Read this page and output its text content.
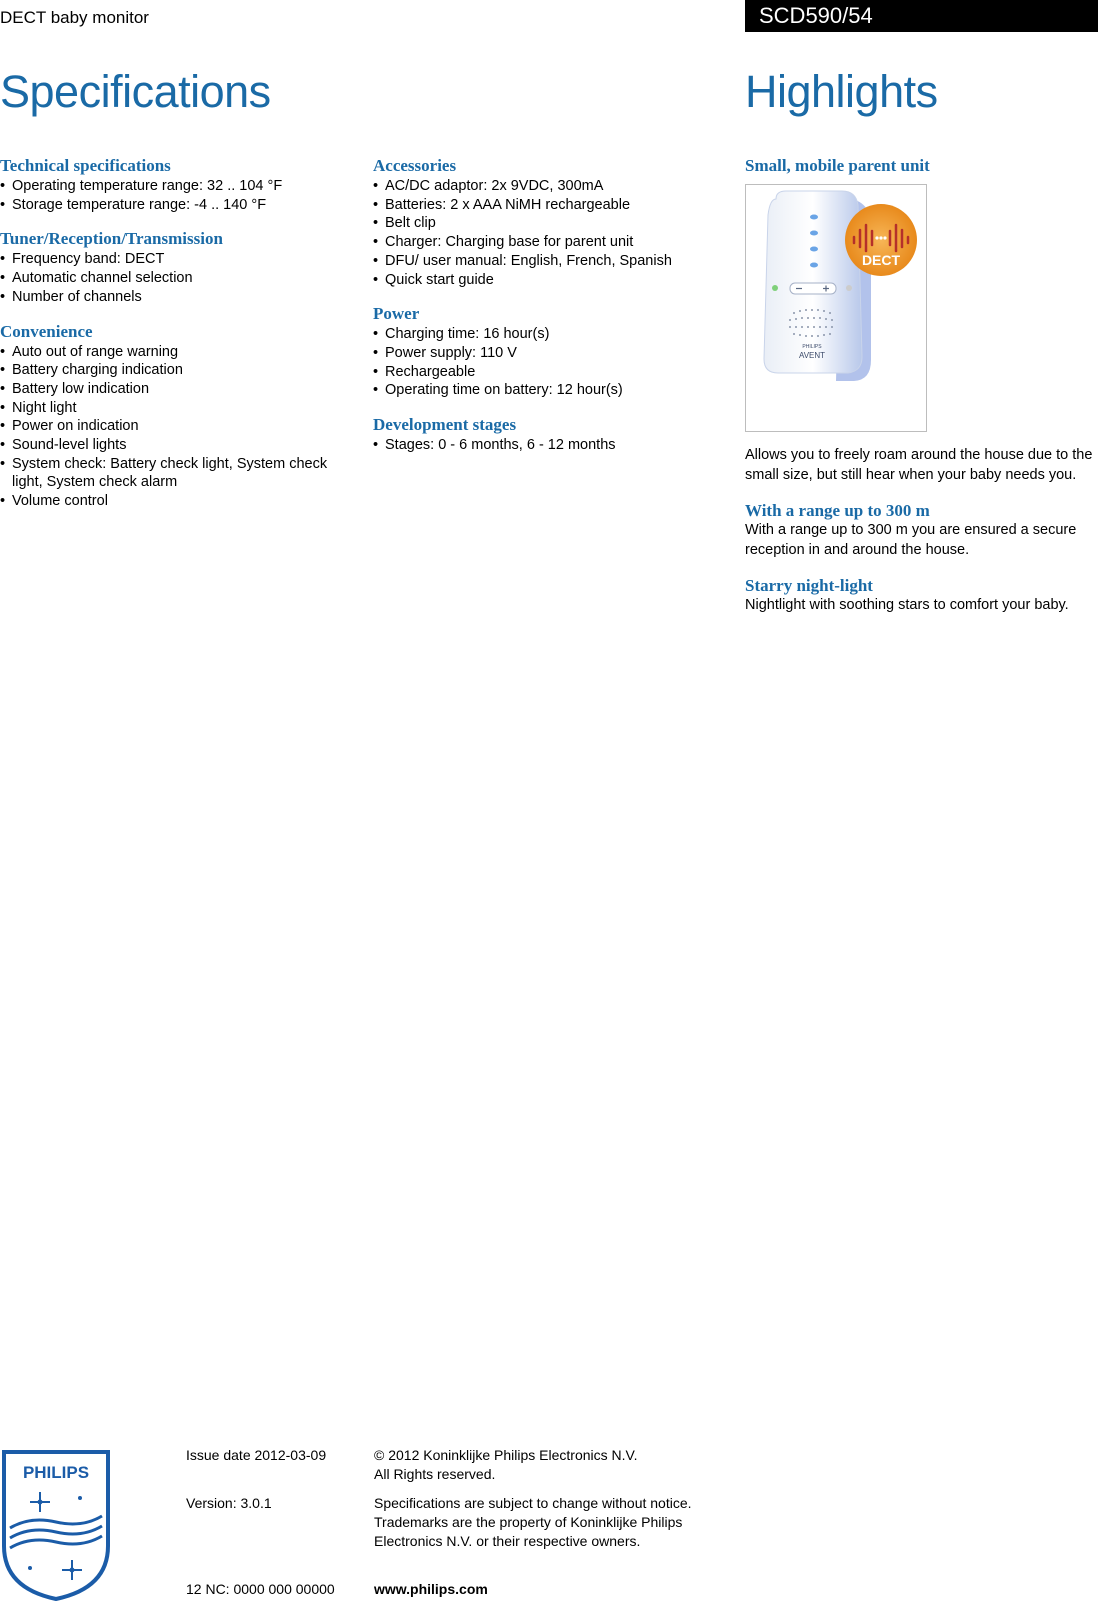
DECT baby monitor	SCD590/54
Specifications	Highlights
Technical specifications
• Operating temperature range: 32 .. 104 °F
• Storage temperature range: -4 .. 140 °F
Tuner/Reception/Transmission
• Frequency band: DECT
• Automatic channel selection
• Number of channels
Convenience
• Auto out of range warning
• Battery charging indication
• Battery low indication
• Night light
• Power on indication
• Sound-level lights
• System check: Battery check light, System check light, System check alarm
• Volume control
Accessories
• AC/DC adaptor: 2x 9VDC, 300mA
• Batteries: 2 x AAA NiMH rechargeable
• Belt clip
• Charger: Charging base for parent unit
• DFU/ user manual: English, French, Spanish
• Quick start guide
Power
• Charging time: 16 hour(s)
• Power supply: 110 V
• Rechargeable
• Operating time on battery: 12 hour(s)
Development stages
• Stages: 0 - 6 months, 6 - 12 months
Small, mobile parent unit
PHILIPS
AVENT
DECT
Allows you to freely roam around the house due to the small size, but still hear when your baby needs you.
With a range up to 300 m
With a range up to 300 m you are ensured a secure reception in and around the house.
Starry night-light
Nightlight with soothing stars to comfort your baby.
PHILIPS
Issue date 2012-03-09	© 2012 Koninklijke Philips Electronics N.V.
All Rights reserved.
Version: 3.0.1	Specifications are subject to change without notice.
Trademarks are the property of Koninklijke Philips
Electronics N.V. or their respective owners.
12 NC: 0000 000 00000	www.philips.com
